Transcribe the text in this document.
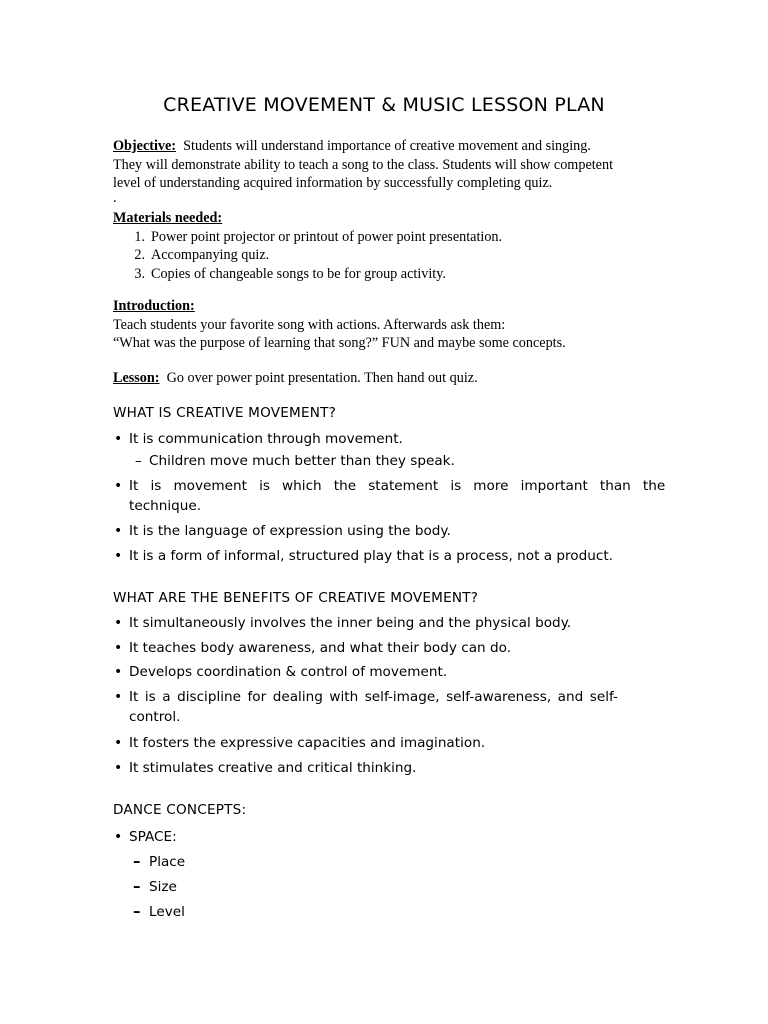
CREATIVE MOVEMENT & MUSIC LESSON PLAN
Objective: Students will understand importance of creative movement and singing.
They will demonstrate ability to teach a song to the class. Students will show competent
level of understanding acquired information by successfully completing quiz.
.
Materials needed:
1. Power point projector or printout of power point presentation.
2. Accompanying quiz.
3. Copies of changeable songs to be for group activity.
Introduction:
Teach students your favorite song with actions. Afterwards ask them:
“What was the purpose of learning that song?” FUN and maybe some concepts.
Lesson: Go over power point presentation. Then hand out quiz.
WHAT IS CREATIVE MOVEMENT?
• It is communication through movement.
– Children move much better than they speak.
• It is movement is which the statement is more important than the
technique.
• It is the language of expression using the body.
• It is a form of informal, structured play that is a process, not a product.
WHAT ARE THE BENEFITS OF CREATIVE MOVEMENT?
• It simultaneously involves the inner being and the physical body.
• It teaches body awareness, and what their body can do.
• Develops coordination & control of movement.
• It is a discipline for dealing with self-image, self-awareness, and self-
control.
• It fosters the expressive capacities and imagination.
• It stimulates creative and critical thinking.
DANCE CONCEPTS:
• SPACE:
– Place
– Size
– Level
